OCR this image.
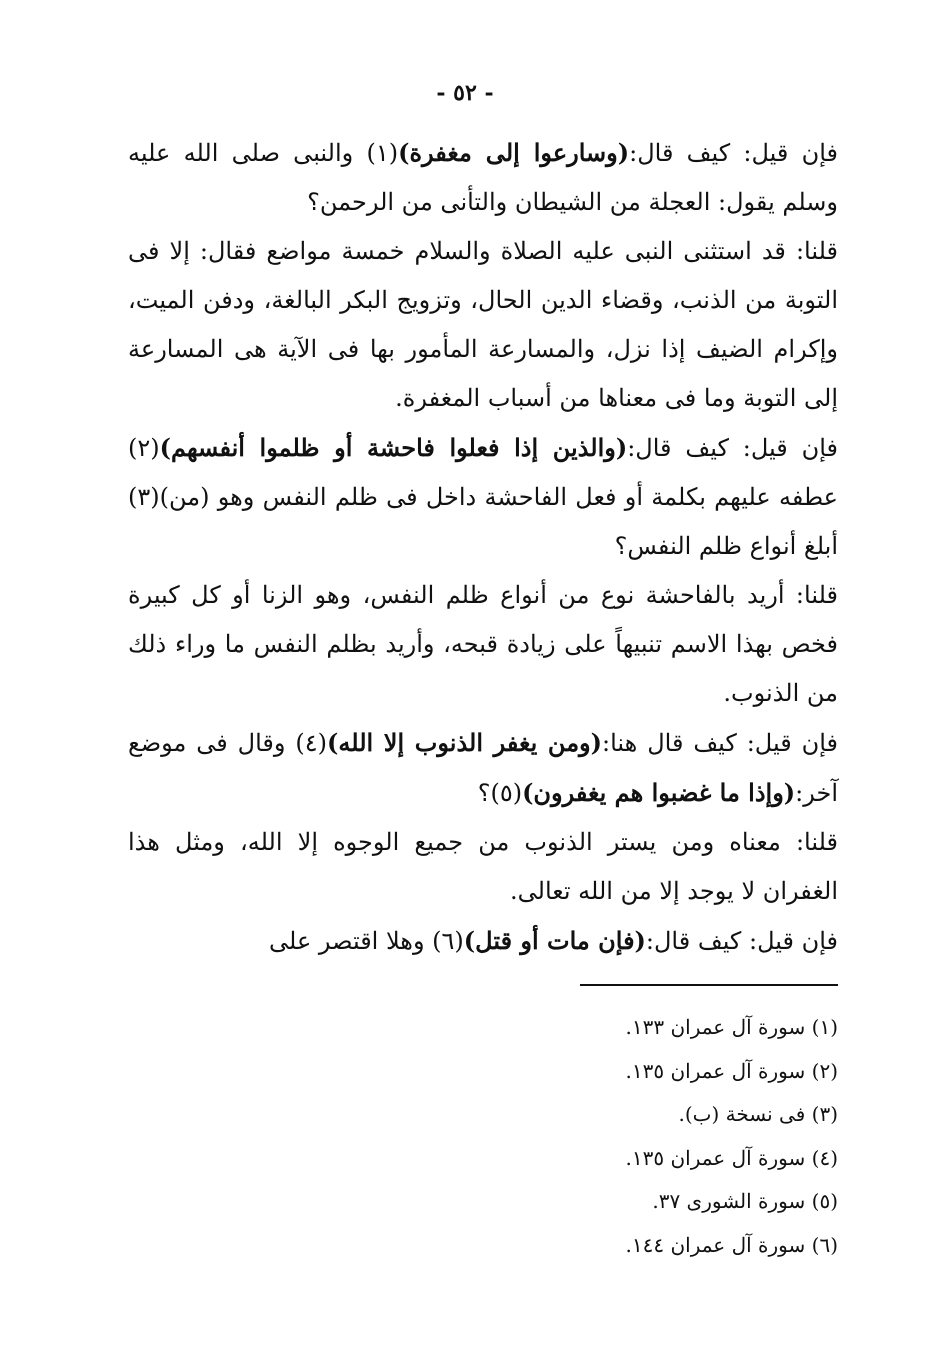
- ٥٢ -

فإن قيل: كيف قال:(وسارعوا إلى مغفرة)(١) والنبى صلى الله عليه وسلم يقول: العجلة من الشيطان والتأنى من الرحمن؟

قلنا: قد استثنى النبى عليه الصلاة والسلام خمسة مواضع فقال: إلا فى التوبة من الذنب، وقضاء الدين الحال، وتزويج البكر البالغة، ودفن الميت، وإكرام الضيف إذا نزل، والمسارعة المأمور بها فى الآية هى المسارعة إلى التوبة وما فى معناها من أسباب المغفرة.

فإن قيل: كيف قال:(والذين إذا فعلوا فاحشة أو ظلموا أنفسهم)(٢) عطفه عليهم بكلمة أو فعل الفاحشة داخل فى ظلم النفس وهو (من)(٣) أبلغ أنواع ظلم النفس؟

قلنا: أريد بالفاحشة نوع من أنواع ظلم النفس، وهو الزنا أو كل كبيرة فخص بهذا الاسم تنبيهاً على زيادة قبحه، وأريد بظلم النفس ما وراء ذلك من الذنوب.

فإن قيل: كيف قال هنا:(ومن يغفر الذنوب إلا الله)(٤) وقال فى موضع آخر:(وإذا ما غضبوا هم يغفرون)(٥)؟

قلنا: معناه ومن يستر الذنوب من جميع الوجوه إلا الله، ومثل هذا الغفران لا يوجد إلا من الله تعالى.

فإن قيل: كيف قال:(فإن مات أو قتل)(٦) وهلا اقتصر على

(١) سورة آل عمران ١٣٣.

(٢) سورة آل عمران ١٣٥.

(٣) فى نسخة (ب).

(٤) سورة آل عمران ١٣٥.

(٥) سورة الشورى ٣٧.

(٦) سورة آل عمران ١٤٤.
